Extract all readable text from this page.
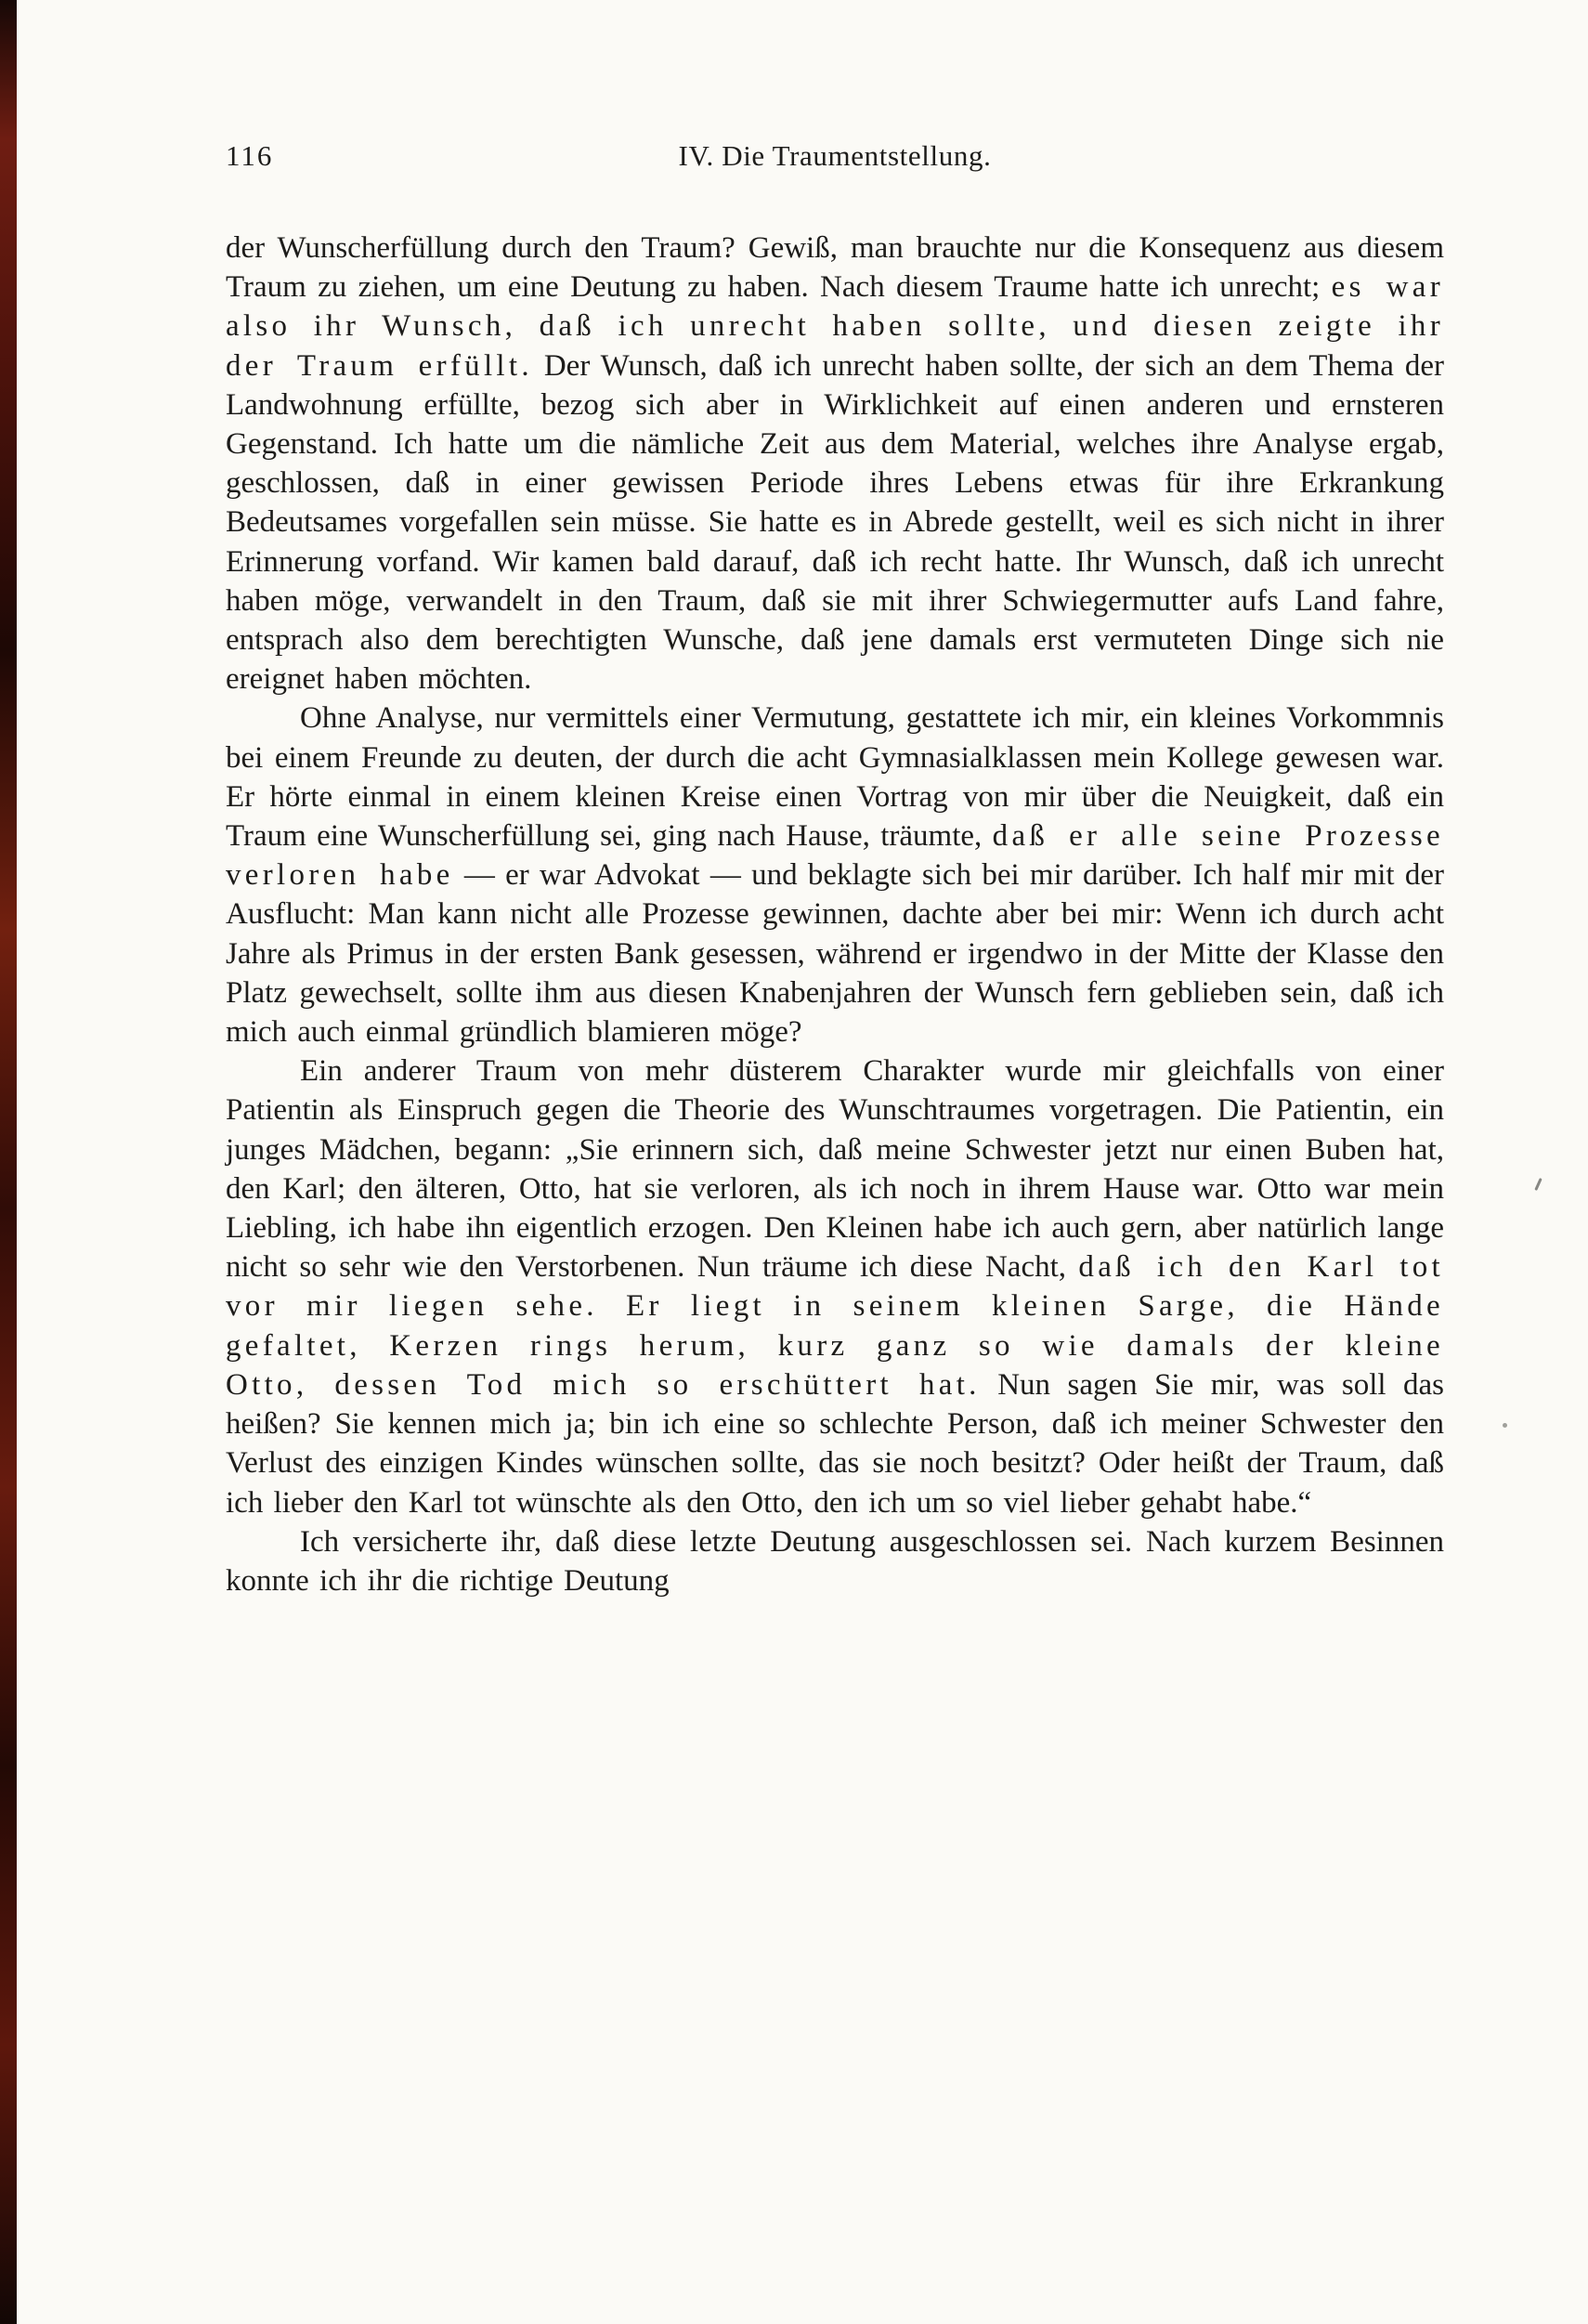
116	IV. Die Traumentstellung.

der Wunscherfüllung durch den Traum? Gewiß, man brauchte nur die Konsequenz aus diesem Traum zu ziehen, um eine Deutung zu haben. Nach diesem Traume hatte ich unrecht; es war also ihr Wunsch, daß ich unrecht haben sollte, und diesen zeigte ihr der Traum erfüllt. Der Wunsch, daß ich unrecht haben sollte, der sich an dem Thema der Landwohnung erfüllte, bezog sich aber in Wirklichkeit auf einen anderen und ernsteren Gegenstand. Ich hatte um die nämliche Zeit aus dem Material, welches ihre Analyse ergab, geschlossen, daß in einer gewissen Periode ihres Lebens etwas für ihre Erkrankung Bedeutsames vorgefallen sein müsse. Sie hatte es in Abrede gestellt, weil es sich nicht in ihrer Erinnerung vorfand. Wir kamen bald darauf, daß ich recht hatte. Ihr Wunsch, daß ich unrecht haben möge, verwandelt in den Traum, daß sie mit ihrer Schwiegermutter aufs Land fahre, entsprach also dem berechtigten Wunsche, daß jene damals erst vermuteten Dinge sich nie ereignet haben möchten.

Ohne Analyse, nur vermittels einer Vermutung, gestattete ich mir, ein kleines Vorkommnis bei einem Freunde zu deuten, der durch die acht Gymnasialklassen mein Kollege gewesen war. Er hörte einmal in einem kleinen Kreise einen Vortrag von mir über die Neuigkeit, daß ein Traum eine Wunscherfüllung sei, ging nach Hause, träumte, daß er alle seine Prozesse verloren habe — er war Advokat — und beklagte sich bei mir darüber. Ich half mir mit der Ausflucht: Man kann nicht alle Prozesse gewinnen, dachte aber bei mir: Wenn ich durch acht Jahre als Primus in der ersten Bank gesessen, während er irgendwo in der Mitte der Klasse den Platz gewechselt, sollte ihm aus diesen Knabenjahren der Wunsch fern geblieben sein, daß ich mich auch einmal gründlich blamieren möge?

Ein anderer Traum von mehr düsterem Charakter wurde mir gleichfalls von einer Patientin als Einspruch gegen die Theorie des Wunschtraumes vorgetragen. Die Patientin, ein junges Mädchen, begann: „Sie erinnern sich, daß meine Schwester jetzt nur einen Buben hat, den Karl; den älteren, Otto, hat sie verloren, als ich noch in ihrem Hause war. Otto war mein Liebling, ich habe ihn eigentlich erzogen. Den Kleinen habe ich auch gern, aber natürlich lange nicht so sehr wie den Verstorbenen. Nun träume ich diese Nacht, daß ich den Karl tot vor mir liegen sehe. Er liegt in seinem kleinen Sarge, die Hände gefaltet, Kerzen rings herum, kurz ganz so wie damals der kleine Otto, dessen Tod mich so erschüttert hat. Nun sagen Sie mir, was soll das heißen? Sie kennen mich ja; bin ich eine so schlechte Person, daß ich meiner Schwester den Verlust des einzigen Kindes wünschen sollte, das sie noch besitzt? Oder heißt der Traum, daß ich lieber den Karl tot wünschte als den Otto, den ich um so viel lieber gehabt habe.“

Ich versicherte ihr, daß diese letzte Deutung ausgeschlossen sei. Nach kurzem Besinnen konnte ich ihr die richtige Deutung
